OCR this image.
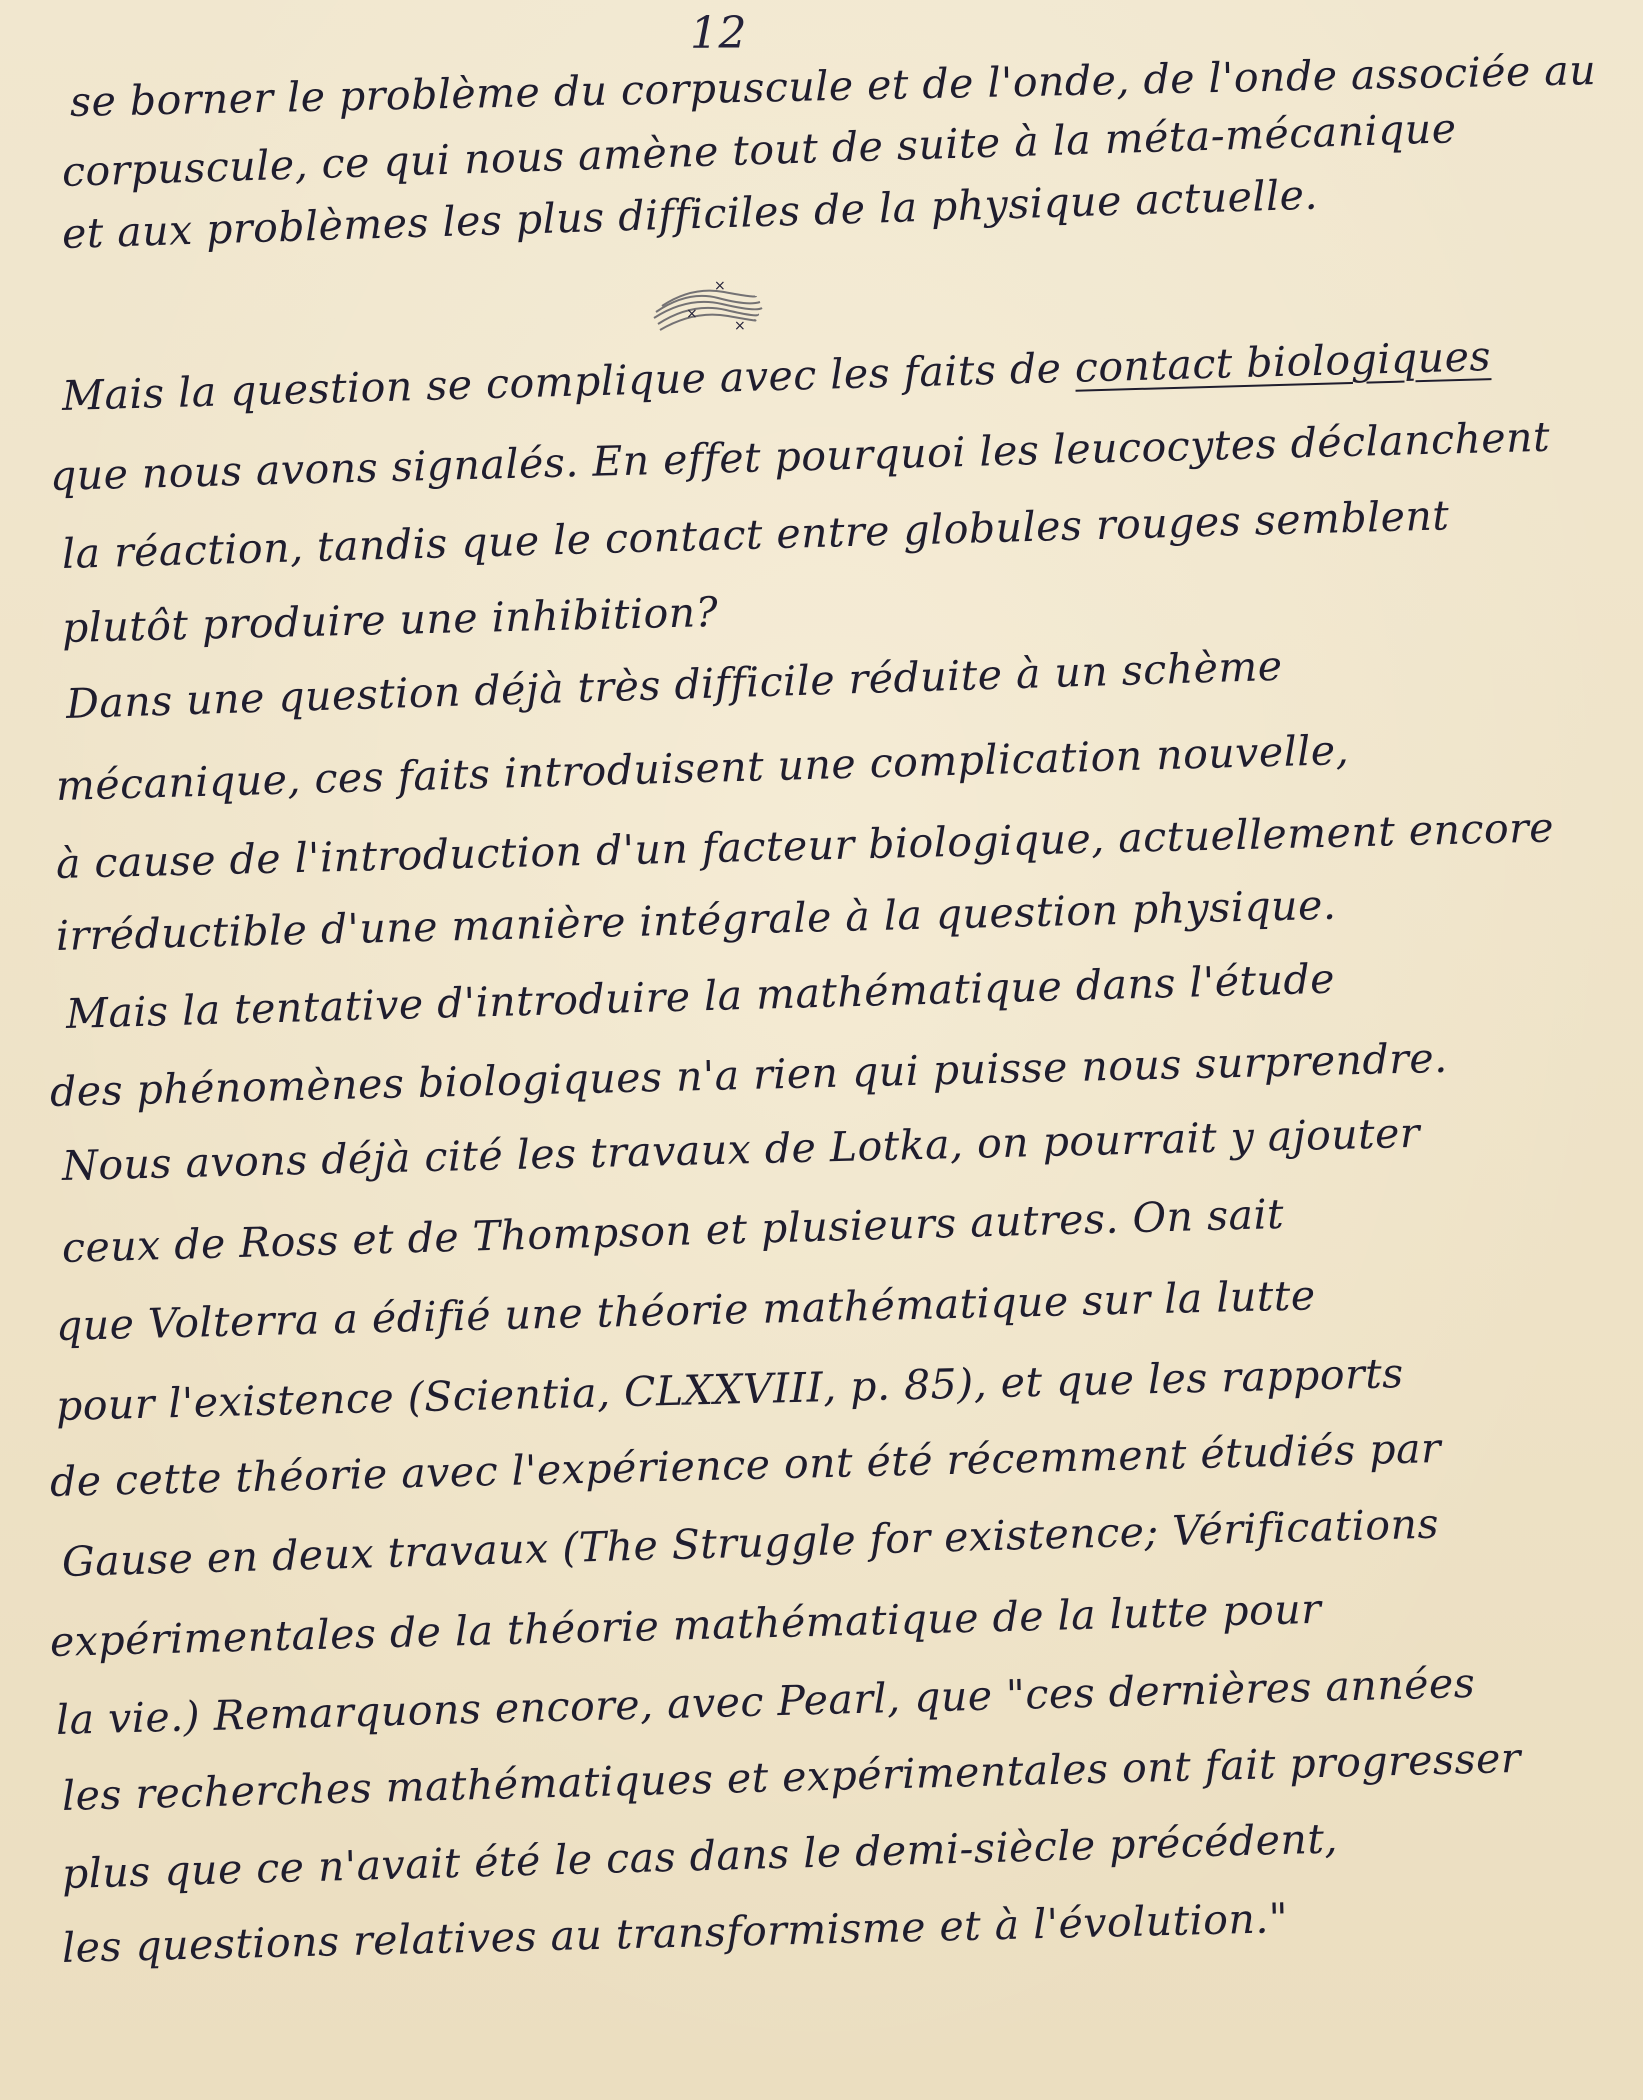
12
se borner le problème du corpuscule et de l'onde, de l'onde associée au
corpuscule, ce qui nous amène tout de suite à la méta-mécanique
et aux problèmes les plus difficiles de la physique actuelle.
×
×
×
Mais la question se complique avec les faits de contact biologiques
que nous avons signalés. En effet pourquoi les leucocytes déclanchent
la réaction, tandis que le contact entre globules rouges semblent
plutôt produire une inhibition?
Dans une question déjà très difficile réduite à un schème
mécanique, ces faits introduisent une complication nouvelle,
à cause de l'introduction d'un facteur biologique, actuellement encore
irréductible d'une manière intégrale à la question physique.
Mais la tentative d'introduire la mathématique dans l'étude
des phénomènes biologiques n'a rien qui puisse nous surprendre.
Nous avons déjà cité les travaux de Lotka, on pourrait y ajouter
ceux de Ross et de Thompson et plusieurs autres. On sait
que Volterra a édifié une théorie mathématique sur la lutte
pour l'existence (Scientia, CLXXVIII, p. 85), et que les rapports
de cette théorie avec l'expérience ont été récemment étudiés par
Gause en deux travaux (The Struggle for existence; Vérifications
expérimentales de la théorie mathématique de la lutte pour
la vie.) Remarquons encore, avec Pearl, que "ces dernières années
les recherches mathématiques et expérimentales ont fait progresser
plus que ce n'avait été le cas dans le demi-siècle précédent,
les questions relatives au transformisme et à l'évolution."
